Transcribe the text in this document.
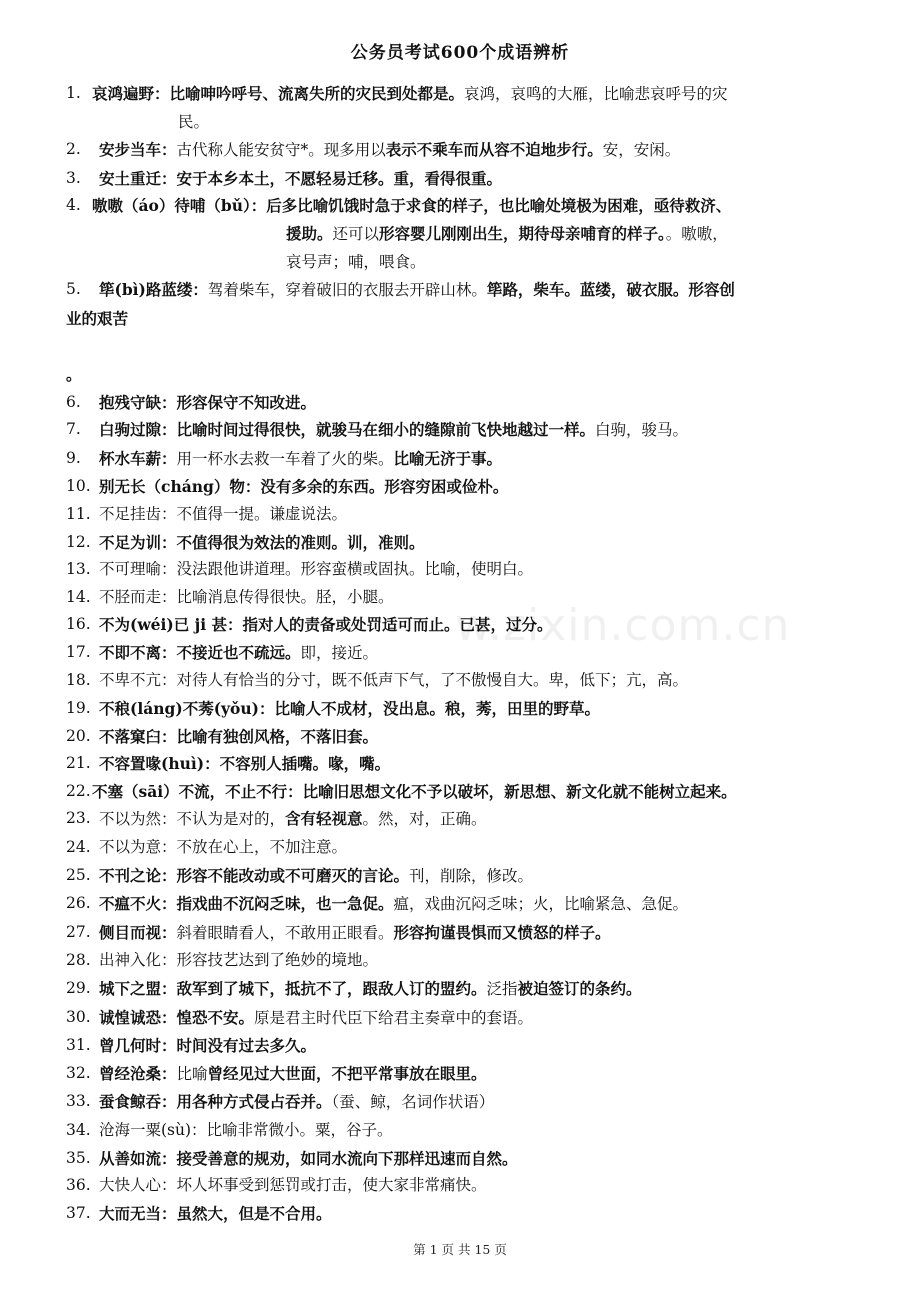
公务员考试600个成语辨析
1. 哀鸿遍野：比喻呻吟呼号、流离失所的灾民到处都是。哀鸿，哀鸣的大雁，比喻悲哀呼号的灾
民。
2.	安步当车：古代称人能安贫守*。现多用以表示不乘车而从容不迫地步行。安，安闲。
3.	安土重迁：安于本乡本土，不愿轻易迁移。重，看得很重。
4. 嗷嗷（áo）待哺（bǔ）：后多比喻饥饿时急于求食的样子，也比喻处境极为困难，亟待救济、
援助。还可以形容婴儿刚刚出生，期待母亲哺育的样子。。嗷嗷，
哀号声；哺，喂食。
5.	筚(bì)路蓝缕：驾着柴车，穿着破旧的衣服去开辟山林。筚路，柴车。蓝缕，破衣服。形容创
业的艰苦
。
6.	抱残守缺：形容保守不知改进。
7.	白驹过隙：比喻时间过得很快，就骏马在细小的缝隙前飞快地越过一样。白驹，骏马。
9.	杯水车薪：用一杯水去救一车着了火的柴。比喻无济于事。
10. 别无长（cháng）物：没有多余的东西。形容穷困或俭朴。
11. 不足挂齿：不值得一提。谦虚说法。
12. 不足为训：不值得很为效法的准则。训，准则。
13. 不可理喻：没法跟他讲道理。形容蛮横或固执。比喻，使明白。
14. 不胫而走：比喻消息传得很快。胫，小腿。
16. 不为(wéi)已 ji 甚：指对人的责备或处罚适可而止。已甚，过分。
17. 不即不离：不接近也不疏远。即，接近。
18. 不卑不亢：对待人有恰当的分寸，既不低声下气，了不傲慢自大。卑，低下；亢，高。
19. 不稂(láng)不莠(yǒu)：比喻人不成材，没出息。稂，莠，田里的野草。
20. 不落窠臼：比喻有独创风格，不落旧套。
21. 不容置喙(huì)：不容别人插嘴。喙，嘴。
22. 不塞（sāi）不流，不止不行：比喻旧思想文化不予以破坏，新思想、新文化就不能树立起来。
23. 不以为然：不认为是对的，含有轻视意。然，对，正确。
24. 不以为意：不放在心上，不加注意。
25. 不刊之论：形容不能改动或不可磨灭的言论。刊，削除，修改。
26. 不瘟不火：指戏曲不沉闷乏味，也一急促。瘟，戏曲沉闷乏味；火，比喻紧急、急促。
27. 侧目而视：斜着眼睛看人，不敢用正眼看。形容拘谨畏惧而又愤怒的样子。
28. 出神入化：形容技艺达到了绝妙的境地。
29. 城下之盟：敌军到了城下，抵抗不了，跟敌人订的盟约。泛指被迫签订的条约。
30. 诚惶诚恐：惶恐不安。原是君主时代臣下给君主奏章中的套语。
31. 曾几何时：时间没有过去多久。
32. 曾经沧桑：比喻曾经见过大世面，不把平常事放在眼里。
33. 蚕食鲸吞：用各种方式侵占吞并。（蚕、鲸，名词作状语）
34. 沧海一粟(sù)：比喻非常微小。粟，谷子。
35. 从善如流：接受善意的规劝，如同水流向下那样迅速而自然。
36. 大快人心：坏人坏事受到惩罚或打击，使大家非常痛快。
37. 大而无当：虽然大，但是不合用。
w.zixin.com.cn
第 1 页 共 15 页
